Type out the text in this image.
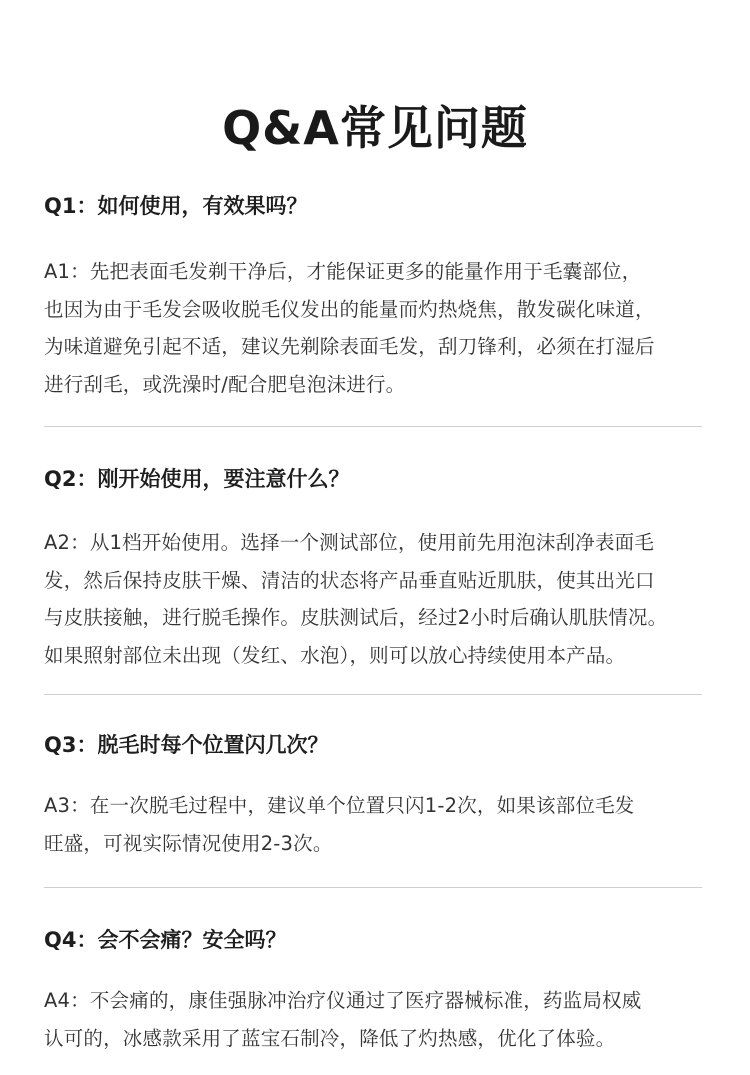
Q&A常见问题

Q1：如何使用，有效果吗？

A1：先把表面毛发剃干净后，才能保证更多的能量作用于毛囊部位，

也因为由于毛发会吸收脱毛仪发出的能量而灼热烧焦，散发碳化味道，

为味道避免引起不适，建议先剃除表面毛发，刮刀锋利，必须在打湿后

进行刮毛，或洗澡时/配合肥皂泡沫进行。

Q2：刚开始使用，要注意什么？

A2：从1档开始使用。选择一个测试部位，使用前先用泡沫刮净表面毛

发，然后保持皮肤干燥、清洁的状态将产品垂直贴近肌肤，使其出光口

与皮肤接触，进行脱毛操作。皮肤测试后，经过2小时后确认肌肤情况。

如果照射部位未出现（发红、水泡），则可以放心持续使用本产品。

Q3：脱毛时每个位置闪几次？

A3：在一次脱毛过程中，建议单个位置只闪1-2次，如果该部位毛发

旺盛，可视实际情况使用2-3次。

Q4：会不会痛？安全吗？

A4：不会痛的，康佳强脉冲治疗仪通过了医疗器械标准，药监局权威

认可的，冰感款采用了蓝宝石制冷，降低了灼热感，优化了体验。
